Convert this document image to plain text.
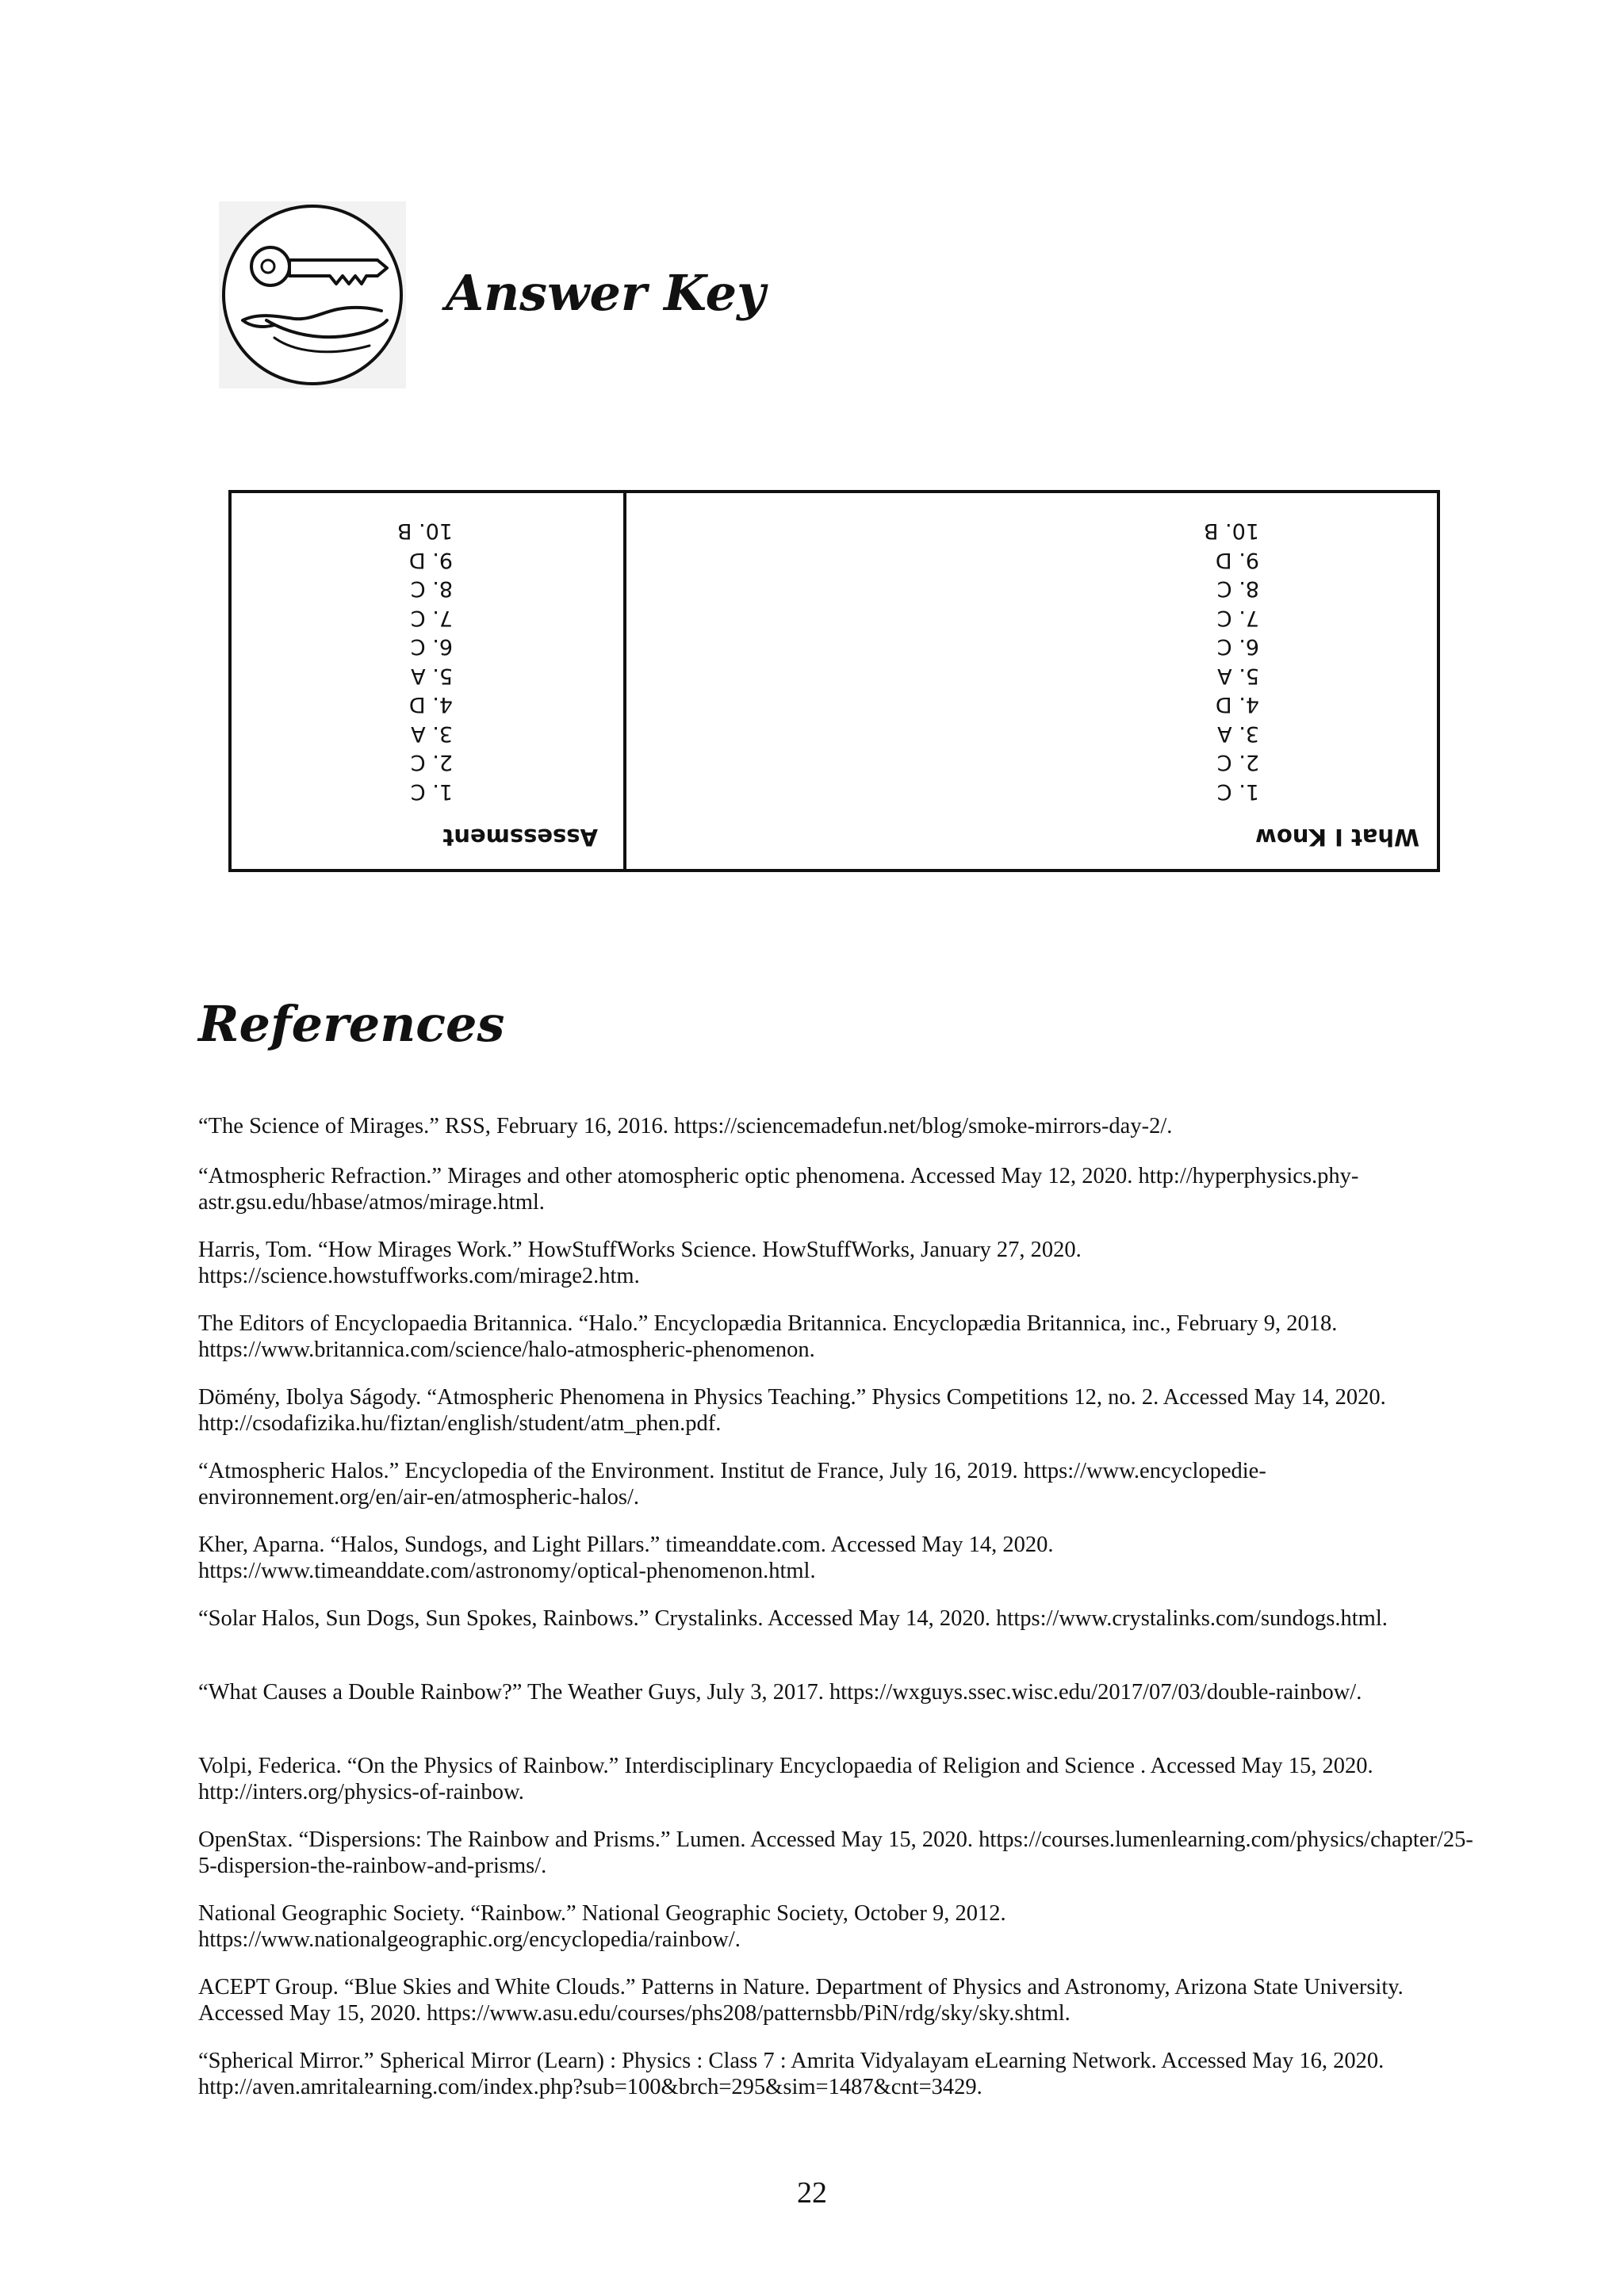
Answer Key
Assessment
1. C
2. C
3. A
4. D
5. A
6. C
7. C
8. C
9. D
10. B
What I Know
1. C
2. C
3. A
4. D
5. A
6. C
7. C
8. C
9. D
10. B
References
“The Science of Mirages.” RSS, February 16, 2016. https://sciencemadefun.net/blog/smoke-mirrors-day-2/.
“Atmospheric Refraction.” Mirages and other atomospheric optic phenomena. Accessed May 12, 2020. http://hyperphysics.phy-astr.gsu.edu/hbase/atmos/mirage.html.
Harris, Tom. “How Mirages Work.” HowStuffWorks Science. HowStuffWorks, January 27, 2020. https://science.howstuffworks.com/mirage2.htm.
The Editors of Encyclopaedia Britannica. “Halo.” Encyclopædia Britannica. Encyclopædia Britannica, inc., February 9, 2018. https://www.britannica.com/science/halo-atmospheric-phenomenon.
Dömény, Ibolya Ságody. “Atmospheric Phenomena in Physics Teaching.” Physics Competitions 12, no. 2. Accessed May 14, 2020. http://csodafizika.hu/fiztan/english/student/atm_phen.pdf.
“Atmospheric Halos.” Encyclopedia of the Environment. Institut de France, July 16, 2019. https://www.encyclopedie-environnement.org/en/air-en/atmospheric-halos/.
Kher, Aparna. “Halos, Sundogs, and Light Pillars.” timeanddate.com. Accessed May 14, 2020. https://www.timeanddate.com/astronomy/optical-phenomenon.html.
“Solar Halos, Sun Dogs, Sun Spokes, Rainbows.” Crystalinks. Accessed May 14, 2020. https://www.crystalinks.com/sundogs.html.
“What Causes a Double Rainbow?” The Weather Guys, July 3, 2017. https://wxguys.ssec.wisc.edu/2017/07/03/double-rainbow/.
Volpi, Federica. “On the Physics of Rainbow.” Interdisciplinary Encyclopaedia of Religion and Science . Accessed May 15, 2020. http://inters.org/physics-of-rainbow.
OpenStax. “Dispersions: The Rainbow and Prisms.” Lumen. Accessed May 15, 2020. https://courses.lumenlearning.com/physics/chapter/25-5-dispersion-the-rainbow-and-prisms/.
National Geographic Society. “Rainbow.” National Geographic Society, October 9, 2012. https://www.nationalgeographic.org/encyclopedia/rainbow/.
ACEPT Group. “Blue Skies and White Clouds.” Patterns in Nature. Department of Physics and Astronomy, Arizona State University. Accessed May 15, 2020. https://www.asu.edu/courses/phs208/patternsbb/PiN/rdg/sky/sky.shtml.
“Spherical Mirror.” Spherical Mirror (Learn) : Physics : Class 7 : Amrita Vidyalayam eLearning Network. Accessed May 16, 2020. http://aven.amritalearning.com/index.php?sub=100&brch=295&sim=1487&cnt=3429.
22
